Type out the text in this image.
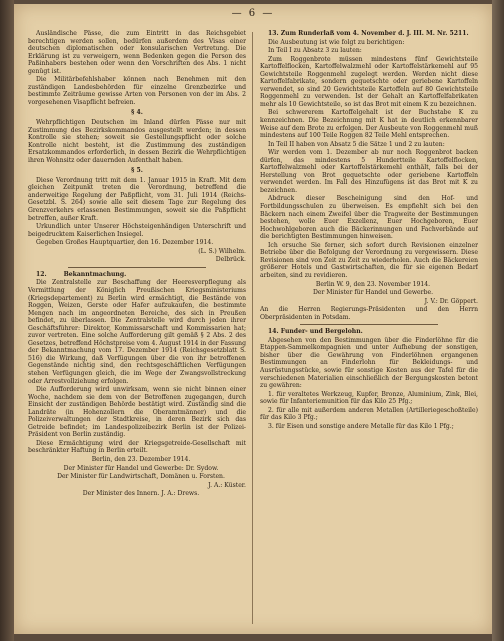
— 6 —

Ausländische Pässe, die zum Eintritt in das Reichsgebiet berechtigen werden sollen, bedürfen außerdem des Visas einer deutschen diplomatischen oder konsularischen Vertretung. Die Erklärung ist zu verweigern, wenn Bedenken gegen die Person des Paßinhabers bestehen oder wenn den Vorschriften des Abs. 1 nicht genügt ist.

Die Militärbefehlshaber können nach Benehmen mit den zuständigen Landesbehörden für einzelne Grenzbezirke und bestimmte Zeiträume gewisse Arten von Personen von der im Abs. 2 vorgesehenen Visapflicht befreien.

§ 4.

Wehrpflichtigen Deutschen im Inland dürfen Pässe nur mit Zustimmung des Bezirkskommandos ausgestellt werden; in dessen Kontrolle sie stehen; soweit sie Gestellungspflicht oder solche Kontrolle nicht besteht, ist die Zustimmung des zuständigen Ersatzkommandos erforderlich, in dessen Bezirk die Wehrpflichtigen ihren Wohnsitz oder dauernden Aufenthalt haben.

§ 5.

Diese Verordnung tritt mit dem 1. Januar 1915 in Kraft. Mit dem gleichen Zeitpunkt treten die Verordnung, betreffend die anderweitige Regelung der Paßpflicht, vom 31. Juli 1914 (Reichs-Gesetzbl. S. 264) sowie alle seit diesem Tage zur Regelung des Grenzverkehrs erlassenen Bestimmungen, soweit sie die Paßpflicht betreffen, außer Kraft.

Urkundlich unter Unserer Höchsteigenhändigen Unterschrift und beigedrucktem Kaiserlichen Insiegel.

Gegeben Großes Hauptquartier, den 16. Dezember 1914.

(L. S.) Wilhelm.

Delbrück.

12.	Bekanntmachung.

Die Zentralstelle zur Beschaffung der Heeresverpflegung als Vermittlung der Königlich Preußischen Kriegsministeriums (Kriegsdepartement) zu Berlin wird ermächtigt, die Bestände von Roggen, Weizen, Gerste oder Hafer aufzukaufen, die bestimmte Mengen nach im angeordneten Bereiche, des sich in Preußen befindet, zu überlassen. Die Zentralstelle wird durch jeden ihrer Geschäftsführer: Direktor, Kommissarschaft und Kommissarien hat; zuvor vertreten. Eine solche Aufforderung gilt gemäß § 2 Abs. 2 des Gesetzes, betreffend Höchstpreise vom 4. August 1914 in der Fassung der Bekanntmachung vom 17. Dezember 1914 (Reichsgesetzblatt S. 516) die Wirkung, daß Verfügungen über die von ihr betroffenen Gegenstände nichtig sind, den rechtsgeschäftlichen Verfügungen stehen Verfügungen gleich, die im Wege der Zwangsvollstreckung oder Arrestvollziehung erfolgen.

Die Aufforderung wird unwirksam, wenn sie nicht binnen einer Woche, nachdem sie dem von der Betroffenen zugegangen, durch Einsicht der zuständigen Behörde bestätigt wird. Zuständig sind die Landräte (in Hohenzollern die Oberamtmänner) und die Polizeiverwaltungen der Stadtkreise, in deren Bezirk sich das Getreide befindet; im Landespolizeibezirk Berlin ist der Polizei-Präsident von Berlin zuständig.

Diese Ermächtigung wird der Kriegsgetreide-Gesellschaft mit beschränkter Haftung in Berlin erteilt.

Berlin, den 23. Dezember 1914.

Der Minister für Handel und Gewerbe: Dr. Sydow.

Der Minister für Landwirtschaft, Domänen u. Forsten.

J. A.: Küster.

Der Minister des Innern. J. A.: Drews.

13. Zum Runderlaß vom 4. November d. J. III. M. Nr. 5211.

Die Ausbeutung ist wie folgt zu berichtigen:

In Teil I zu Absatz 3 zu lauten:

Zum Roggenbrote müssen mindestens fünf Gewichtsteile Kartoffelflocken, Kartoffelwalzmehl oder Kartoffelstärkemehl auf 95 Gewichtsteile Roggenmehl zugelegt werden. Werden nicht diese Kartoffelfabrikate, sondern gequetschte oder geriebene Kartoffeln verwendet, so sind 20 Gewichtsteile Kartoffeln auf 80 Gewichtsteile Roggenmehl zu verwenden. Ist der Gehalt an Kartoffelfabrikaten mehr als 10 Gewichtsteile, so ist das Brot mit einem K zu bezeichnen.

Bei schwererem Kartoffelgehalt ist der Buchstabe K zu kennzeichnen. Die Bezeichnung mit K hat in deutlich erkennbarer Weise auf dem Brote zu erfolgen. Der Ausbeute von Roggenmehl muß mindestens auf 100 Teile Roggen 82 Teile Mehl entsprechen.

In Teil II haben von Absatz 5 die Sätze 1 und 2 zu lauten:

Wir werden vom 1. Dezember ab nur noch Roggenbrot backen dürfen, das mindestens 5 Hundertteile Kartoffelflocken, Kartoffelwalzmehl oder Kartoffelstärkemehl enthält, falls bei der Herstellung von Brot gequetschte oder geriebene Kartoffeln verwendet werden. Im Fall des Hinzufügens ist das Brot mit K zu bezeichnen.

Abdruck dieser Bescheinigung sind den Hof- und Fortbildungsschulen zu überweisen. Es empfiehlt sich bei den Bäckern nach einem Zweifel über die Tragweite der Bestimmungen bestehen, wolle Euer Exzellenz, Euer Hochgeboren, Euer Hochwohlgeboren auch die Bäckerinnungen und Fachverbände auf die berichtigten Bestimmungen hinweisen.

Ich ersuche Sie ferner, sich sofort durch Revisionen einzelner Betriebe über die Befolgung der Verordnung zu vergewissern. Diese Revisionen sind von Zeit zu Zeit zu wiederholen. Auch die Bäckereien größerer Hotels und Gastwirtschaften, die für sie eigenen Bedarf arbeiten, sind zu revidieren.

Berlin W. 9, den 23. November 1914.

Der Minister für Handel und Gewerbe.

J. V.: Dr. Göppert.

An die Herren Regierungs-Präsidenten und den Herrn Oberpräsidenten in Potsdam.

14. Funder- und Bergelohn.

Abgesehen von den Bestimmungen über die Finderlöhne für die Etappen-Sammelkompagnien und unter Aufhebung der sonstigen, bisher über die Gewährung von Finderlöhnen ergangenen Bestimmungen an Finderlohn für Bekleidungs- und Ausrüstungsstücke, sowie für sonstige Kosten aus der Tafel für die verschiedenen Materialien einschließlich der Bergungskosten betont zu gewähren:

1. für veraltetes Werkzeug, Kupfer, Bronze, Aluminium, Zink, Blei, sowie für Infanteriemunition für das Kilo 25 Pfg.;

2. für alle mit außerdem anderen Metallen (Artilleriegeschoßteile) für das Kilo 3 Pfg.;

3. für Eisen und sonstige andere Metalle für das Kilo 1 Pfg.;
